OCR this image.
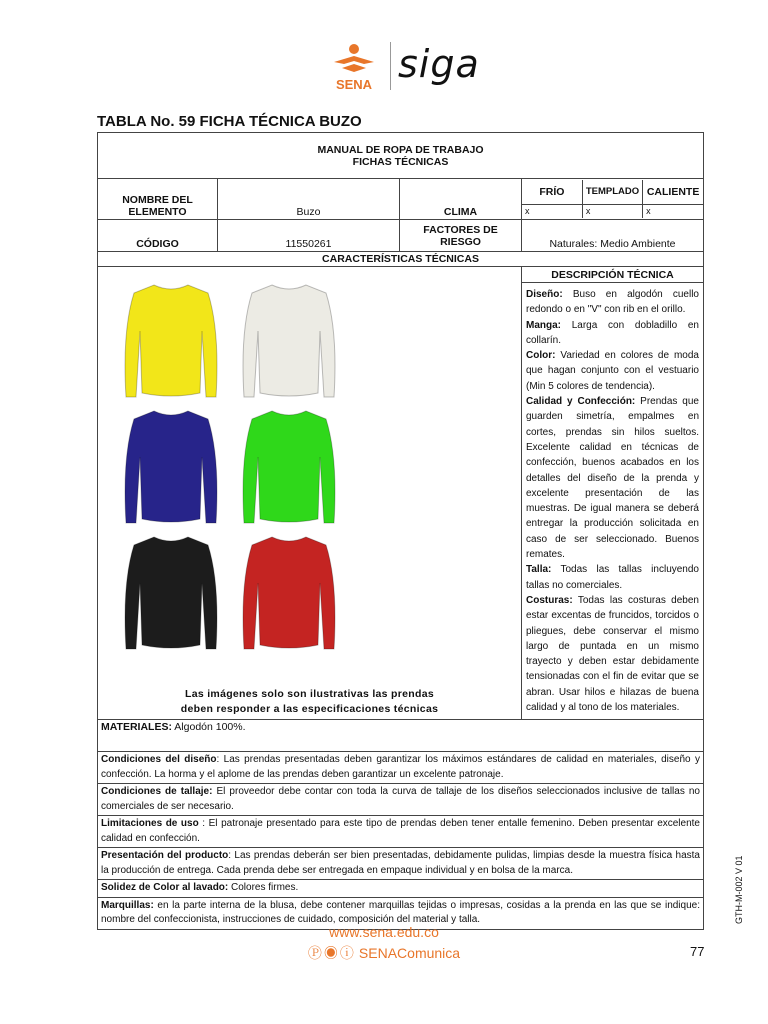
SENA siga
TABLA No. 59 FICHA TÉCNICA BUZO
MANUAL DE ROPA DE TRABAJO
FICHAS TÉCNICAS

NOMBRE DEL
ELEMENTO	Buzo	CLIMA	
FRÍO	TEMPLADO	CALIENTE
x	x	x

CÓDIGO	11550261	
FACTORES DE
RIESGO	Naturales: Medio Ambiente
CARACTERÍSTICAS TÉCNICAS

Las imágenes solo son ilustrativas las prendas
deben responder a las especificaciones técnicas
	DESCRIPCIÓN TÉCNICA

Diseño: Buso en algodón cuello redondo o en "V" con rib en el orillo.

Manga: Larga con dobladillo en collarín.

Color: Variedad en colores de moda que hagan conjunto con el vestuario (Min 5 colores de tendencia).

Calidad y Confección: Prendas que guarden simetría, empalmes en cortes, prendas sin hilos sueltos. Excelente calidad en técnicas de confección, buenos acabados en los detalles del diseño de la prenda y excelente presentación de las muestras. De igual manera se deberá entregar la producción solicitada en caso de ser seleccionado. Buenos remates.

Talla: Todas las tallas incluyendo tallas no comerciales.

Costuras: Todas las costuras deben estar excentas de fruncidos, torcidos o pliegues, debe conservar el mismo largo de puntada en un mismo trayecto y deben estar debidamente tensionadas con el fin de evitar que se abran. Usar hilos e hilazas de buena calidad y al tono de los materiales.

MATERIALES: Algodón 100%.
Condiciones del diseño: Las prendas presentadas deben garantizar los máximos estándares de calidad en materiales, diseño y confección. La horma y el aplome de las prendas deben garantizar un excelente patronaje.
Condiciones de tallaje: El proveedor debe contar con toda la curva de tallaje de los diseños seleccionados inclusive de tallas no comerciales de ser necesario.
Limitaciones de uso : El patronaje presentado para este tipo de prendas deben tener entalle femenino. Deben presentar excelente calidad en confección.
Presentación del producto: Las prendas deberán ser bien presentadas, debidamente pulidas, limpias desde la muestra física hasta la producción de entrega. Cada prenda debe ser entregada en empaque individual y en bolsa de la marca.
Solidez de Color al lavado: Colores firmes.
Marquillas: en la parte interna de la blusa, debe contener marquillas tejidas o impresas, cosidas a la prenda en las que se indique: nombre del confeccionista, instrucciones de cuidado, composición del material y talla.
www.sena.edu.co
Ⓟ◉ⓘ SENAComunica	77
GTH-M-002 V 01
